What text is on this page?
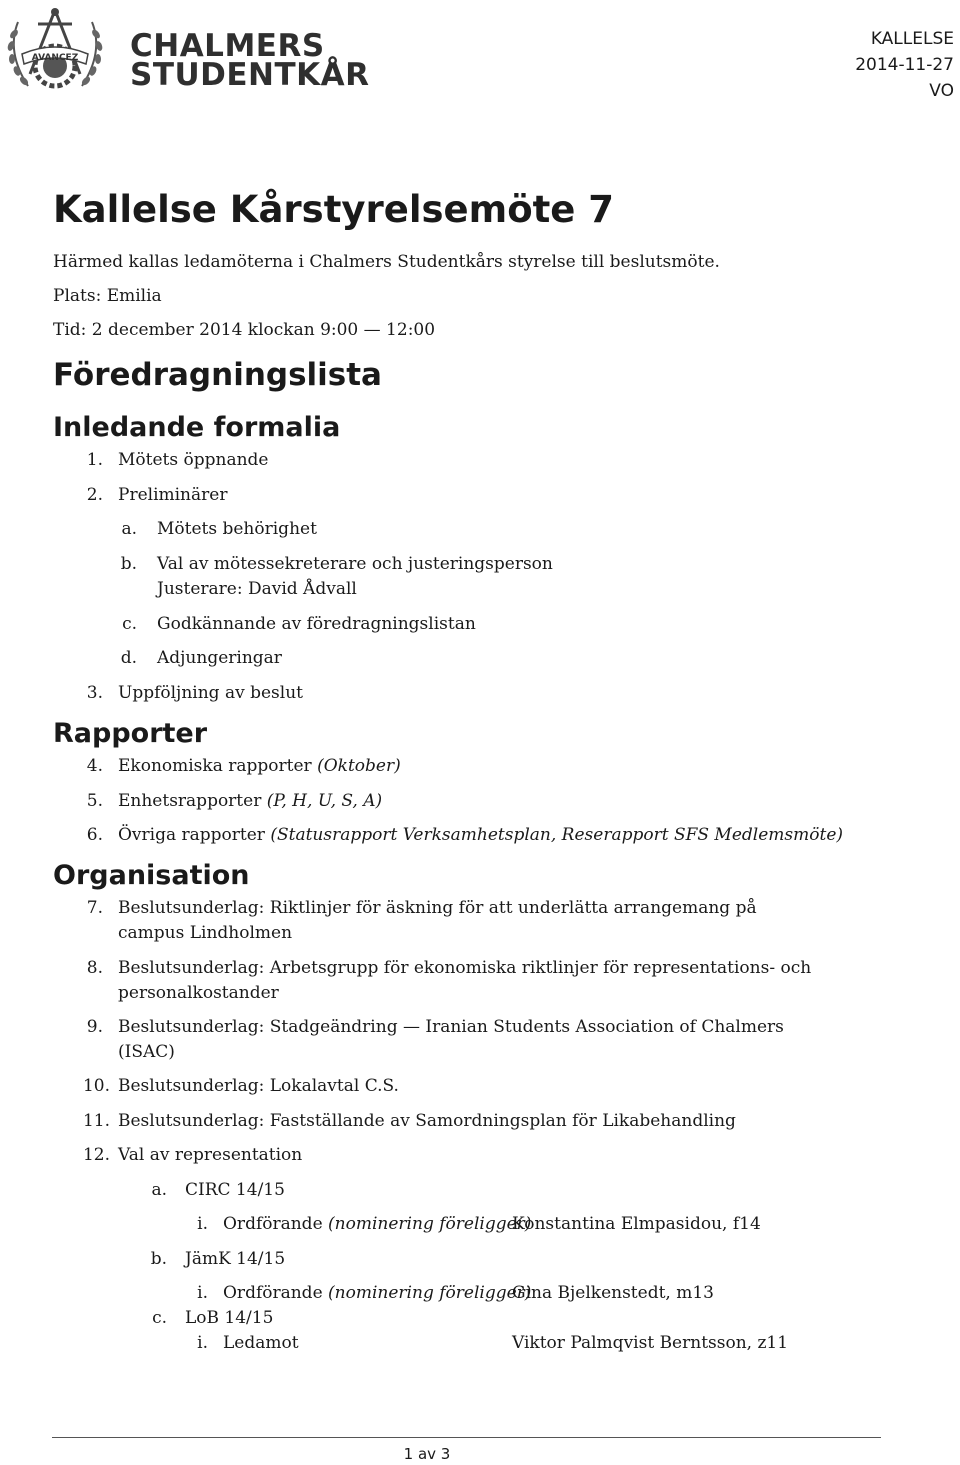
AVANCEZ CHALMERS
STUDENTKÅR
KALLELSE
2014-11-27
VO
Kallelse Kårstyrelsemöte 7
Härmed kallas ledamöterna i Chalmers Studentkårs styrelse till beslutsmöte.
Plats: Emilia
Tid: 2 december 2014 klockan 9:00 — 12:00
Föredragningslista
Inledande formalia
1. Mötets öppnande
2. Preliminärer
a. Mötets behörighet
b. Val av mötessekreterare och justeringsperson
Justerare: David Ådvall
c. Godkännande av föredragningslistan
d. Adjungeringar
3. Uppföljning av beslut
Rapporter
4. Ekonomiska rapporter (Oktober)
5. Enhetsrapporter (P, H, U, S, A)
6. Övriga rapporter (Statusrapport Verksamhetsplan, Reserapport SFS Medlemsmöte)
Organisation
7. Beslutsunderlag: Riktlinjer för äskning för att underlätta arrangemang på
campus Lindholmen
8. Beslutsunderlag: Arbetsgrupp för ekonomiska riktlinjer för representations- och
personalkostander
9. Beslutsunderlag: Stadgeändring — Iranian Students Association of Chalmers
(ISAC)
10. Beslutsunderlag: Lokalavtal C.S.
11. Beslutsunderlag: Fastställande av Samordningsplan för Likabehandling
12. Val av representation
a. CIRC 14/15
i. Ordförande (nominering föreligger)
Konstantina Elmpasidou, f14
b. JämK 14/15
i. Ordförande (nominering föreligger)
Gina Bjelkenstedt, m13
c. LoB 14/15
i. Ledamot	Viktor Palmqvist Berntsson, z11
1 av 3
